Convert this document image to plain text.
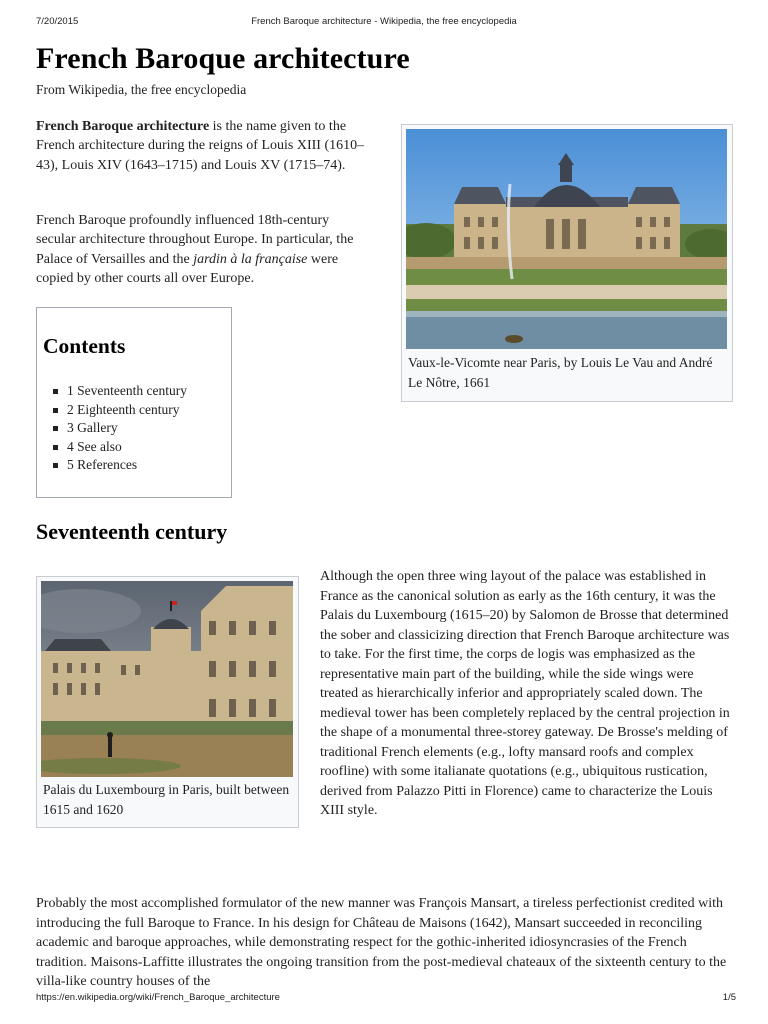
7/20/2015	French Baroque architecture - Wikipedia, the free encyclopedia
French Baroque architecture
From Wikipedia, the free encyclopedia

French Baroque architecture is the name given to the French architecture during the reigns of Louis XIII (1610–43), Louis XIV (1643–1715) and Louis XV (1715–74).

French Baroque profoundly influenced 18th-century secular architecture throughout Europe. In particular, the Palace of Versailles and the jardin à la française were copied by other courts all over Europe.

Vaux-le-Vicomte near Paris, by Louis Le Vau and André Le Nôtre, 1661
Contents
1 Seventeenth century
2 Eighteenth century
3 Gallery
4 See also
5 References
Seventeenth century
Palais du Luxembourg in Paris, built between 1615 and 1620
Although the open three wing layout of the palace was established in France as the canonical solution as early as the 16th century, it was the Palais du Luxembourg (1615–20) by Salomon de Brosse that determined the sober and classicizing direction that French Baroque architecture was to take. For the first time, the corps de logis was emphasized as the representative main part of the building, while the side wings were treated as hierarchically inferior and appropriately scaled down. The medieval tower has been completely replaced by the central projection in the shape of a monumental three-storey gateway. De Brosse's melding of traditional French elements (e.g., lofty mansard roofs and complex roofline) with some italianate quotations (e.g., ubiquitous rustication, derived from Palazzo Pitti in Florence) came to characterize the Louis XIII style.

Probably the most accomplished formulator of the new manner was François Mansart, a tireless perfectionist credited with introducing the full Baroque to France. In his design for Château de Maisons (1642), Mansart succeeded in reconciling academic and baroque approaches, while demonstrating respect for the gothic-inherited idiosyncrasies of the French tradition. Maisons-Laffitte illustrates the ongoing transition from the post-medieval chateaux of the sixteenth century to the villa-like country houses of the

https://en.wikipedia.org/wiki/French_Baroque_architecture	1/5
